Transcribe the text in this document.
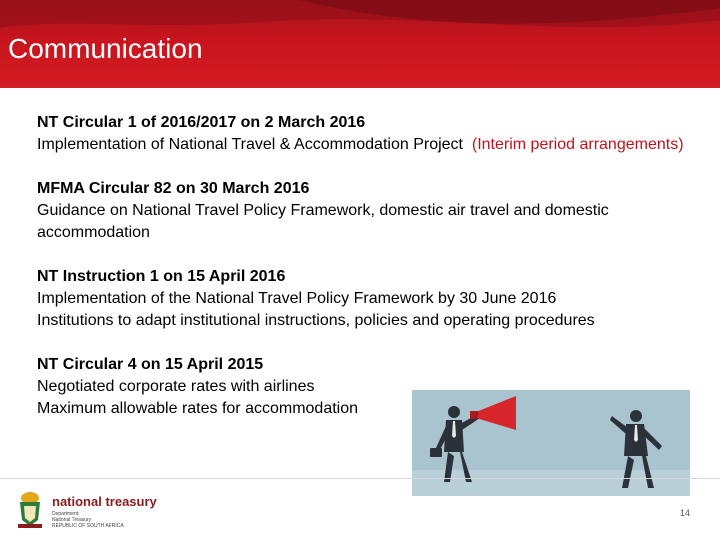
Communication
NT Circular 1 of 2016/2017 on 2 March 2016
Implementation of National Travel & Accommodation Project (Interim period arrangements)
MFMA Circular 82 on 30 March 2016
Guidance on National Travel Policy Framework, domestic air travel and domestic accommodation
NT Instruction 1 on 15 April 2016
Implementation of the National Travel Policy Framework by 30 June 2016
Institutions to adapt institutional instructions, policies and operating procedures
NT Circular 4 on 15 April 2015
Negotiated corporate rates with airlines
Maximum allowable rates for accommodation
national treasury
Department:
National Treasury
REPUBLIC OF SOUTH AFRICA
14
